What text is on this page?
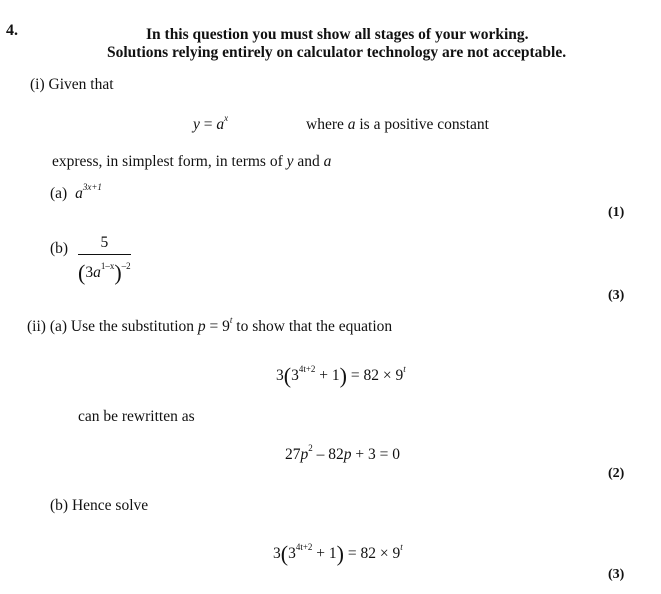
4.	In this question you must show all stages of your working.
Solutions relying entirely on calculator technology are not acceptable.
(i) Given that
$y = a^x$	where a is a positive constant
express, in simplest form, in terms of y and a
(a) $a^{3x+1}$
(1)
$(b) \frac{5}{(3a^{1-x})^{-2}}$
(3)
(ii) (a) Use the substitution $p = 9^t$ to show that the equation
$3(3^{4t+2} + 1) = 82 \times 9^t$
can be rewritten as
$27p^2 - 82p + 3 = 0$
(2)
(b) Hence solve
$3(3^{4t+2} + 1) = 82 \times 9^t$
(3)
